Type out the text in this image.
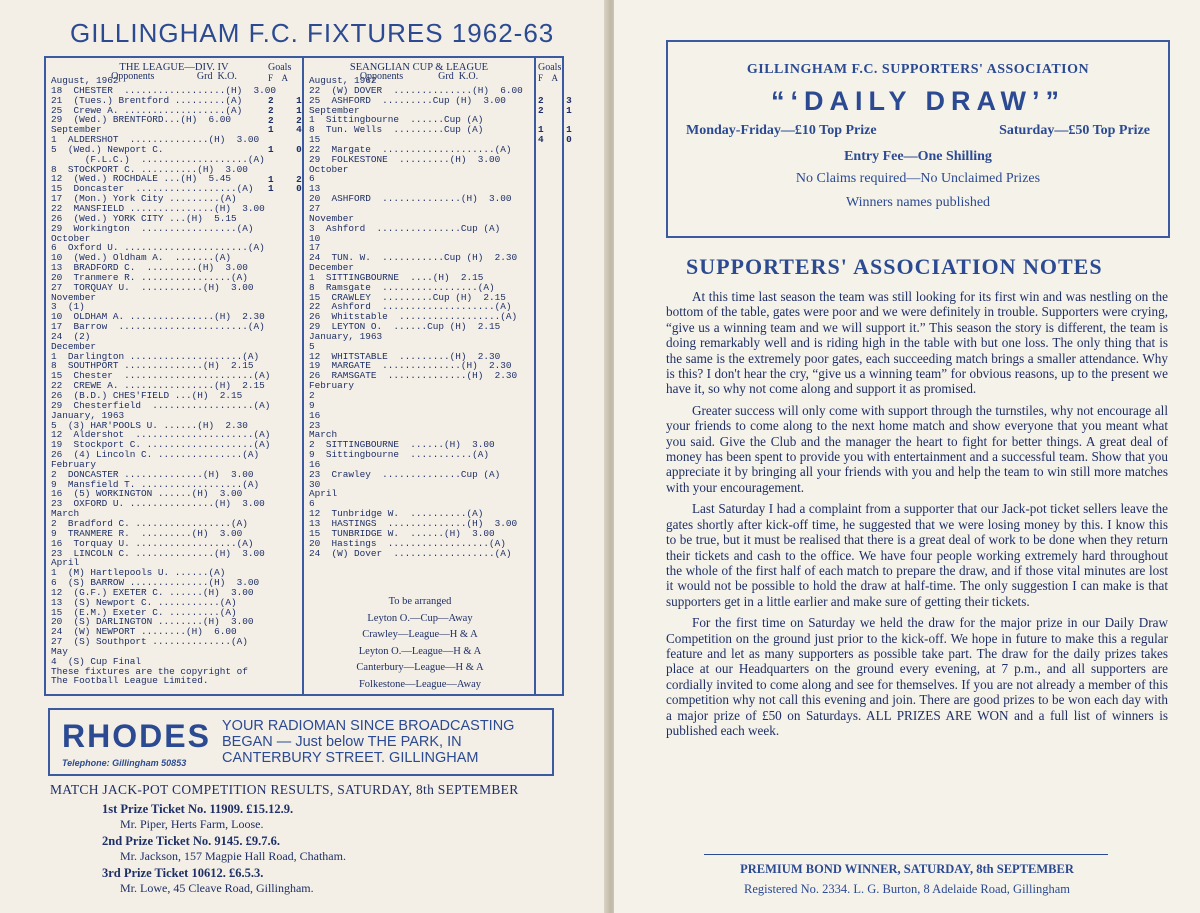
GILLINGHAM F.C. FIXTURES 1962-63
THE LEAGUE—DIV. IV
Opponents                 Grd  K.O.
August, 1962
18  CHESTER  ..................(H)  3.00
21  (Tues.) Brentford .........(A)
25  Crewe A. ..................(A)
29  (Wed.) BRENTFORD...(H)  6.00
September
1  ALDERSHOT  ..............(H)  3.00
5  (Wed.) Newport C.
(F.L.C.)  ...................(A)
8  STOCKPORT C. ..........(H)  3.00
12  (Wed.) ROCHDALE ...(H)  5.45
15  Doncaster  ..................(A)
17  (Mon.) York City .........(A)
22  MANSFIELD ...............(H)  3.00
26  (Wed.) YORK CITY ...(H)  5.15
29  Workington  .................(A)
October
6  Oxford U. ......................(A)
10  (Wed.) Oldham A.  .......(A)
13  BRADFORD C.  .........(H)  3.00
20  Tranmere R. ................(A)
27  TORQUAY U.  ...........(H)  3.00
November
3  (1)
10  OLDHAM A. ...............(H)  2.30
17  Barrow  .......................(A)
24  (2)
December
1  Darlington ....................(A)
8  SOUTHPORT ..............(H)  2.15
15  Chester  .......................(A)
22  CREWE A. ................(H)  2.15
26  (B.D.) CHES'FIELD ...(H)  2.15
29  Chesterfield  ..................(A)
January, 1963
5  (3) HAR'POOLS U. ......(H)  2.30
12  Aldershot  .....................(A)
19  Stockport C. ...................(A)
26  (4) Lincoln C. ...............(A)
February
2  DONCASTER ..............(H)  3.00
9  Mansfield T. ..................(A)
16  (5) WORKINGTON ......(H)  3.00
23  OXFORD U. ...............(H)  3.00
March
2  Bradford C. .................(A)
9  TRANMERE R.  .........(H)  3.00
16  Torquay U. ..................(A)
23  LINCOLN C. ..............(H)  3.00
April
1  (M) Hartlepools U. ......(A)
6  (S) BARROW ..............(H)  3.00
12  (G.F.) EXETER C. ......(H)  3.00
13  (S) Newport C. ...........(A)
15  (E.M.) Exeter C. .........(A)
20  (S) DARLINGTON ........(H)  3.00
24  (W) NEWPORT ........(H)  6.00
27  (S) Southport ..............(A)
May
4  (S) Cup Final
These fixtures are the copyright of
The Football League Limited.
Goals
F    A

2    1
2    1
2    2
1    4

1    0

1    2
1    0
SEANGLIAN CUP & LEAGUE
Opponents              Grd  K.O.
August, 1962
22  (W) DOVER  ..............(H)  6.00
25  ASHFORD  .........Cup (H)  3.00
September
1  Sittingbourne  ......Cup (A)
8  Tun. Wells  .........Cup (A)
15
22  Margate  ....................(A)
29  FOLKESTONE  .........(H)  3.00
October
6
13
20  ASHFORD  ..............(H)  3.00
27
November
3  Ashford  ...............Cup (A)
10
17
24  TUN. W.  ...........Cup (H)  2.30
December
1  SITTINGBOURNE  ....(H)  2.15
8  Ramsgate  .................(A)
15  CRAWLEY  .........Cup (H)  2.15
22  Ashford  ....................(A)
26  Whitstable  ..................(A)
29  LEYTON O.  ......Cup (H)  2.15
January, 1963
5
12  WHITSTABLE  .........(H)  2.30
19  MARGATE  ..............(H)  2.30
26  RAMSGATE  ..............(H)  2.30
February
2
9
16
23
March
2  SITTINGBOURNE  ......(H)  3.00
9  Sittingbourne  ...........(A)
16
23  Crawley  ..............Cup (A)
30
April
6
12  Tunbridge W.  ..........(A)
13  HASTINGS  ..............(H)  3.00
15  TUNBRIDGE W.  ......(H)  3.00
20  Hastings  ..................(A)
24  (W) Dover  ..................(A)
To be arranged
Leyton O.—Cup—Away
Crawley—League—H & A
Leyton O.—League—H & A
Canterbury—League—H & A
Folkestone—League—Away
Goals
F    A

2    3
2    1

1    1
4    0
RHODES
Telephone: Gillingham 50853
YOUR RADIOMAN SINCE BROADCASTING
BEGAN — Just below THE PARK, IN
CANTERBURY STREET. GILLINGHAM
MATCH JACK-POT COMPETITION RESULTS, SATURDAY, 8th SEPTEMBER
1st Prize Ticket No. 11909. £15.12.9.
Mr. Piper, Herts Farm, Loose.
2nd Prize Ticket No. 9145. £9.7.6.
Mr. Jackson, 157 Magpie Hall Road, Chatham.
3rd Prize Ticket 10612. £6.5.3.
Mr. Lowe, 45 Cleave Road, Gillingham.
GILLINGHAM F.C. SUPPORTERS' ASSOCIATION
“‘DAILY DRAW’”
Monday-Friday—£10 Top Prize	Saturday—£50 Top Prize
Entry Fee—One Shilling
No Claims required—No Unclaimed Prizes
Winners names published
SUPPORTERS' ASSOCIATION NOTES

At this time last season the team was still looking for its first win and was nestling on the bottom of the table, gates were poor and we were definitely in trouble. Supporters were crying, “give us a winning team and we will support it.” This season the story is different, the team is doing remarkably well and is riding high in the table with but one loss. The only thing that is the same is the extremely poor gates, each succeeding match brings a smaller attendance. Why is this? I don't hear the cry, “give us a winning team” for obvious reasons, up to the present we have it, so why not come along and support it as promised.

Greater success will only come with support through the turnstiles, why not encourage all your friends to come along to the next home match and show everyone that you meant what you said. Give the Club and the manager the heart to fight for better things. A great deal of money has been spent to provide you with entertainment and a successful team. Show that you appreciate it by bringing all your friends with you and help the team to win still more matches with your encouragement.

Last Saturday I had a complaint from a supporter that our Jack-pot ticket sellers leave the gates shortly after kick-off time, he suggested that we were losing money by this. I know this to be true, but it must be realised that there is a great deal of work to be done when they return their tickets and cash to the office. We have four people working extremely hard throughout the whole of the first half of each match to prepare the draw, and if those vital minutes are lost it would not be possible to hold the draw at half-time. The only suggestion I can make is that supporters get in a little earlier and make sure of getting their tickets.

For the first time on Saturday we held the draw for the major prize in our Daily Draw Competition on the ground just prior to the kick-off. We hope in future to make this a regular feature and let as many supporters as possible take part. The draw for the daily prizes takes place at our Headquarters on the ground every evening, at 7 p.m., and all supporters are cordially invited to come along and see for themselves. If you are not already a member of this competition why not call this evening and join. There are good prizes to be won each day with a major prize of £50 on Saturdays. ALL PRIZES ARE WON and a full list of winners is published each week.

PREMIUM BOND WINNER, SATURDAY, 8th SEPTEMBER
Registered No. 2334. L. G. Burton, 8 Adelaide Road, Gillingham
